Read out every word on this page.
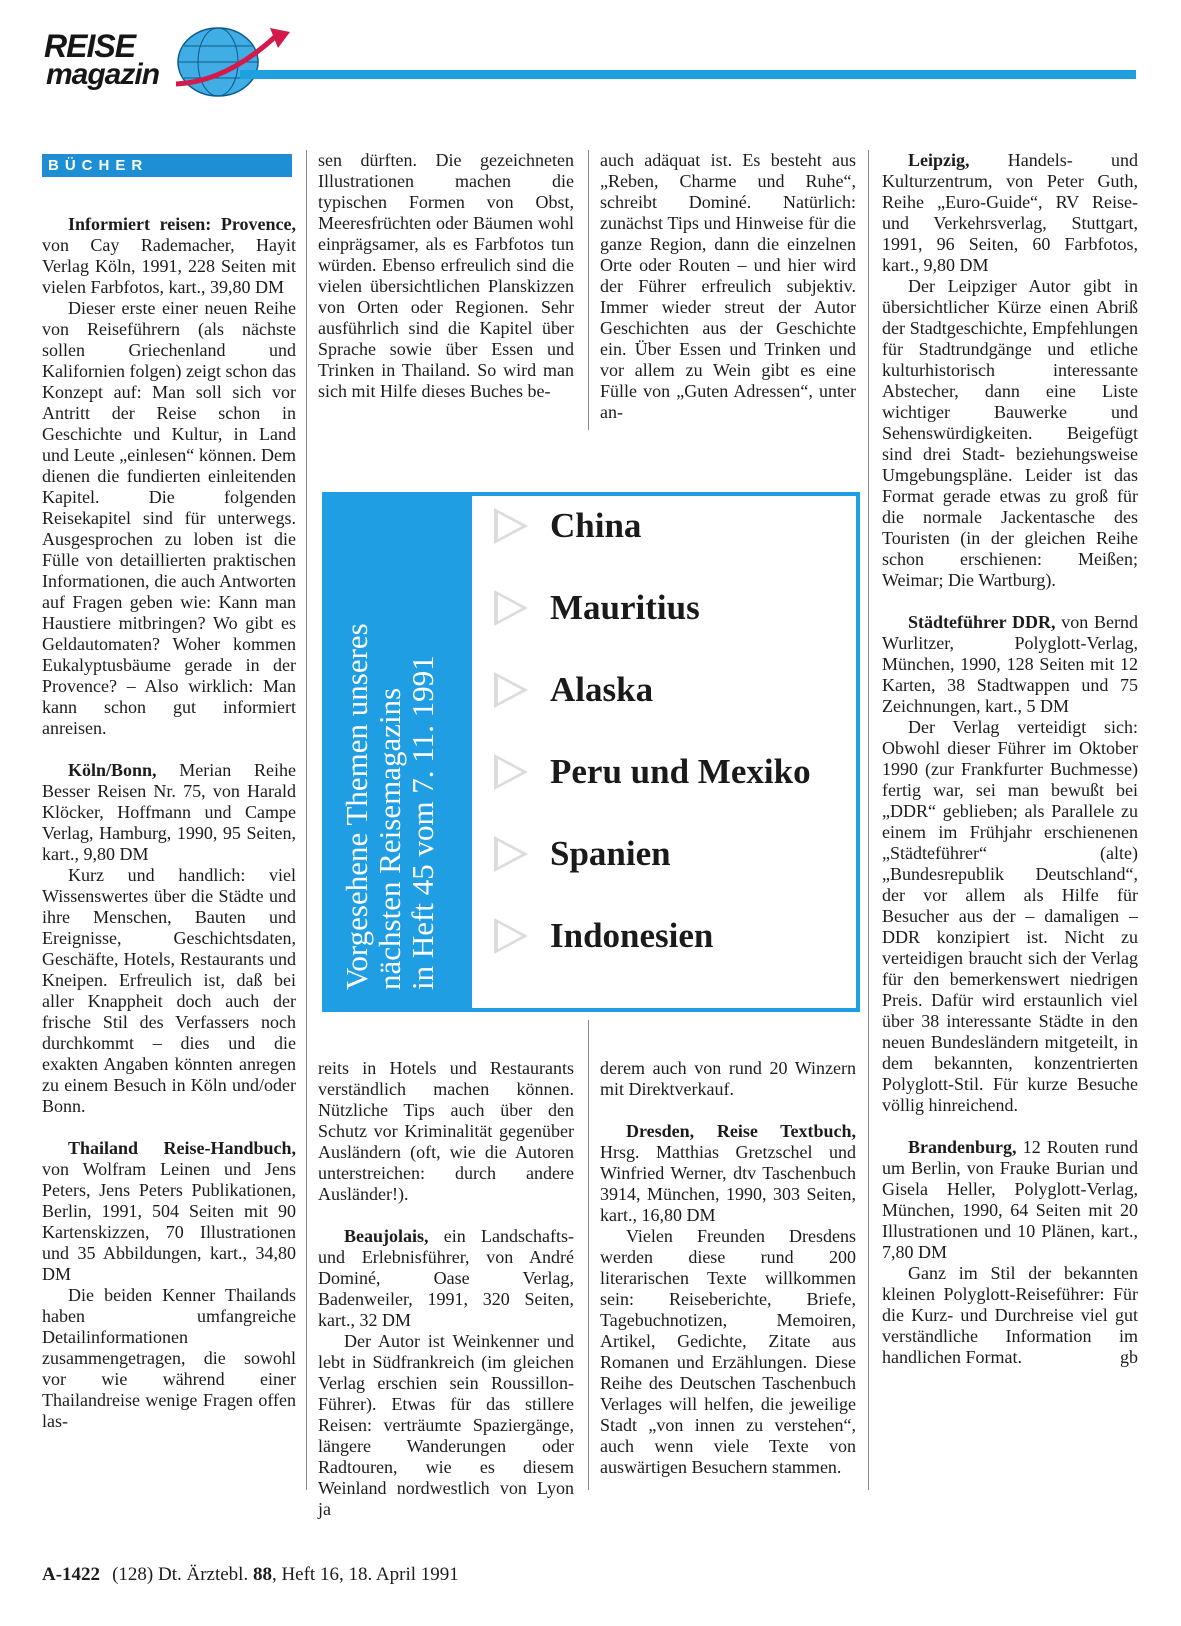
REISE
magazin
BÜCHER

Informiert reisen: Provence, von Cay Rademacher, Hayit Verlag Köln, 1991, 228 Seiten mit vielen Farbfotos, kart., 39,80 DM

Dieser erste einer neuen Reihe von Reiseführern (als nächste sollen Griechenland und Kalifornien folgen) zeigt schon das Konzept auf: Man soll sich vor Antritt der Reise schon in Geschichte und Kultur, in Land und Leute „einlesen“ können. Dem dienen die fundierten einleitenden Kapitel. Die folgenden Reisekapitel sind für unterwegs. Ausgesprochen zu loben ist die Fülle von detaillierten praktischen Informationen, die auch Antworten auf Fragen geben wie: Kann man Haustiere mitbringen? Wo gibt es Geldautomaten? Woher kommen Eukalyptusbäume gerade in der Provence? – Also wirklich: Man kann schon gut informiert anreisen.

Köln/Bonn, Merian Reihe Besser Reisen Nr. 75, von Harald Klöcker, Hoffmann und Campe Verlag, Hamburg, 1990, 95 Seiten, kart., 9,80 DM

Kurz und handlich: viel Wissenswertes über die Städte und ihre Menschen, Bauten und Ereignisse, Geschichtsdaten, Geschäfte, Hotels, Restaurants und Kneipen. Erfreulich ist, daß bei aller Knappheit doch auch der frische Stil des Verfassers noch durchkommt – dies und die exakten Angaben könnten anregen zu einem Besuch in Köln und/oder Bonn.

Thailand Reise-Handbuch, von Wolfram Leinen und Jens Peters, Jens Peters Publikationen, Berlin, 1991, 504 Seiten mit 90 Kartenskizzen, 70 Illustrationen und 35 Abbildungen, kart., 34,80 DM

Die beiden Kenner Thailands haben umfangreiche Detailinformationen zusammengetragen, die sowohl vor wie während einer Thailandreise wenige Fragen offen las-

sen dürften. Die gezeichneten Illustrationen machen die typischen Formen von Obst, Meeresfrüchten oder Bäumen wohl einprägsamer, als es Farbfotos tun würden. Ebenso erfreulich sind die vielen übersichtlichen Planskizzen von Orten oder Regionen. Sehr ausführlich sind die Kapitel über Sprache sowie über Essen und Trinken in Thailand. So wird man sich mit Hilfe dieses Buches be-

auch adäquat ist. Es besteht aus „Reben, Charme und Ruhe“, schreibt Dominé. Natürlich: zunächst Tips und Hinweise für die ganze Region, dann die einzelnen Orte oder Routen – und hier wird der Führer erfreulich subjektiv. Immer wieder streut der Autor Geschichten aus der Geschichte ein. Über Essen und Trinken und vor allem zu Wein gibt es eine Fülle von „Guten Adressen“, unter an-

Vorgesehene Themen unseres
nächsten Reisemagazins
in Heft 45 vom 7. 11. 1991
China
Mauritius
Alaska
Peru und Mexiko
Spanien
Indonesien

reits in Hotels und Restaurants verständlich machen können. Nützliche Tips auch über den Schutz vor Kriminalität gegenüber Ausländern (oft, wie die Autoren unterstreichen: durch andere Ausländer!).

Beaujolais, ein Landschafts- und Erlebnisführer, von André Dominé, Oase Verlag, Badenweiler, 1991, 320 Seiten, kart., 32 DM

Der Autor ist Weinkenner und lebt in Südfrankreich (im gleichen Verlag erschien sein Roussillon-Führer). Etwas für das stillere Reisen: verträumte Spaziergänge, längere Wanderungen oder Radtouren, wie es diesem Weinland nordwestlich von Lyon ja

derem auch von rund 20 Winzern mit Direktverkauf.

Dresden, Reise Textbuch, Hrsg. Matthias Gretzschel und Winfried Werner, dtv Taschenbuch 3914, München, 1990, 303 Seiten, kart., 16,80 DM

Vielen Freunden Dresdens werden diese rund 200 literarischen Texte willkommen sein: Reiseberichte, Briefe, Tagebuchnotizen, Memoiren, Artikel, Gedichte, Zitate aus Romanen und Erzählungen. Diese Reihe des Deutschen Taschenbuch Verlages will helfen, die jeweilige Stadt „von innen zu verstehen“, auch wenn viele Texte von auswärtigen Besuchern stammen.

Leipzig, Handels- und Kulturzentrum, von Peter Guth, Reihe „Euro-Guide“, RV Reise- und Verkehrsverlag, Stuttgart, 1991, 96 Seiten, 60 Farbfotos, kart., 9,80 DM

Der Leipziger Autor gibt in übersichtlicher Kürze einen Abriß der Stadtgeschichte, Empfehlungen für Stadtrundgänge und etliche kulturhistorisch interessante Abstecher, dann eine Liste wichtiger Bauwerke und Sehenswürdigkeiten. Beigefügt sind drei Stadt- beziehungsweise Umgebungspläne. Leider ist das Format gerade etwas zu groß für die normale Jackentasche des Touristen (in der gleichen Reihe schon erschienen: Meißen; Weimar; Die Wartburg).

Städteführer DDR, von Bernd Wurlitzer, Polyglott-Verlag, München, 1990, 128 Seiten mit 12 Karten, 38 Stadtwappen und 75 Zeichnungen, kart., 5 DM

Der Verlag verteidigt sich: Obwohl dieser Führer im Oktober 1990 (zur Frankfurter Buchmesse) fertig war, sei man bewußt bei „DDR“ geblieben; als Parallele zu einem im Frühjahr erschienenen „Städteführer“ (alte) „Bundesrepublik Deutschland“, der vor allem als Hilfe für Besucher aus der – damaligen – DDR konzipiert ist. Nicht zu verteidigen braucht sich der Verlag für den bemerkenswert niedrigen Preis. Dafür wird erstaunlich viel über 38 interessante Städte in den neuen Bundesländern mitgeteilt, in dem bekannten, konzentrierten Polyglott-Stil. Für kurze Besuche völlig hinreichend.

Brandenburg, 12 Routen rund um Berlin, von Frauke Burian und Gisela Heller, Polyglott-Verlag, München, 1990, 64 Seiten mit 20 Illustrationen und 10 Plänen, kart., 7,80 DM

Ganz im Stil der bekannten kleinen Polyglott-Reiseführer: Für die Kurz- und Durchreise viel gut verständliche Information im handlichen Format.	gb

A-1422 (128) Dt. Ärztebl. 88, Heft 16, 18. April 1991
